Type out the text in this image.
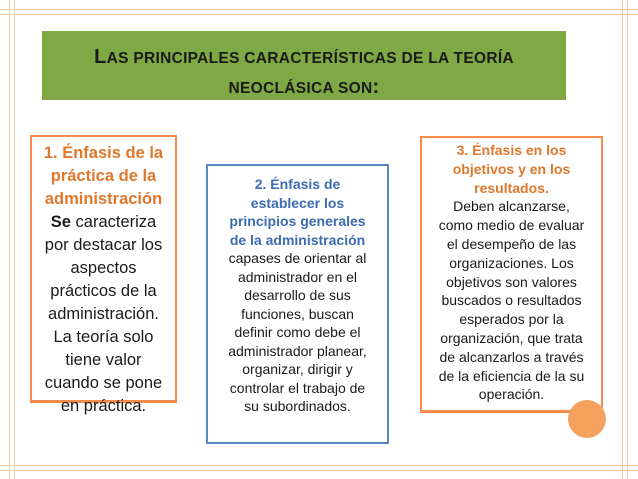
LAS PRINCIPALES CARACTERÍSTICAS DE LA TEORÍA
NEOCLÁSICA SON:
1. Énfasis de la
práctica de la
administración
Se caracteriza
por destacar los
aspectos
prácticos de la
administración.
La teoría solo
tiene valor
cuando se pone
en práctica.
2. Énfasis de
establecer los
principios generales
de la administración
capases de orientar al
administrador en el
desarrollo de sus
funciones, buscan
definir como debe el
administrador planear,
organizar, dirigir y
controlar el trabajo de
su subordinados.
3. Énfasis en los
objetivos y en los
resultados.
Deben alcanzarse,
como medio de evaluar
el desempeño de las
organizaciones. Los
objetivos son valores
buscados o resultados
esperados por la
organización, que trata
de alcanzarlos a través
de la eficiencia de la su
operación.
